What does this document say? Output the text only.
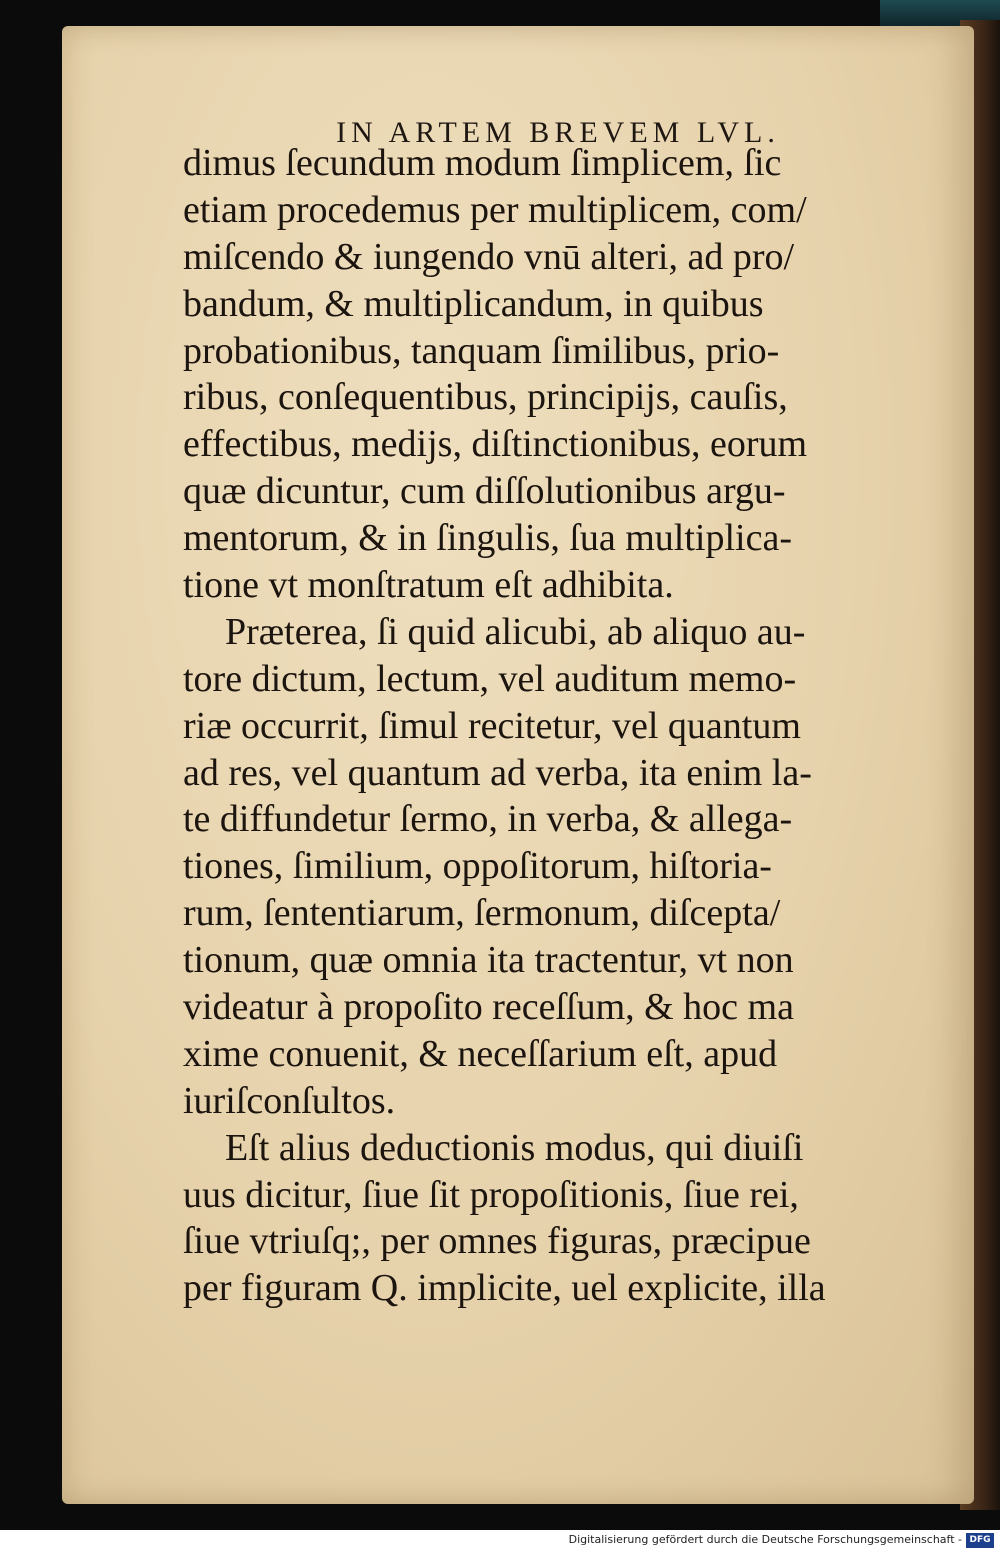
IN ARTEM BREVEM LVL.
dimus ſecundum modum ſimplicem, ſic
etiam procedemus per multiplicem, com/
miſcendo & iungendo vnū alteri, ad pro/
bandum, & multiplicandum, in quibus
probationibus, tanquam ſimilibus, prio-
ribus, conſequentibus, principijs, cauſis,
effectibus, medijs, diſtinctionibus, eorum
quæ dicuntur, cum diſſolutionibus argu-
mentorum, & in ſingulis, ſua multiplica-
tione vt monſtratum eſt adhibita.
Præterea, ſi quid alicubi, ab aliquo au-
tore dictum, lectum, vel auditum memo-
riæ occurrit, ſimul recitetur, vel quantum
ad res, vel quantum ad verba, ita enim la-
te diffundetur ſermo, in verba, & allega-
tiones, ſimilium, oppoſitorum, hiſtoria-
rum, ſententiarum, ſermonum, diſcepta/
tionum, quæ omnia ita tractentur, vt non
videatur à propoſito receſſum, & hoc ma
xime conuenit, & neceſſarium eſt, apud
iuriſconſultos.
Eſt alius deductionis modus, qui diuiſi
uus dicitur, ſiue ſit propoſitionis, ſiue rei,
ſiue vtriuſq;, per omnes figuras, præcipue
per figuram Q. implicite, uel explicite, illa
Digitalisierung gefördert durch die Deutsche Forschungsgemeinschaft - DFG
